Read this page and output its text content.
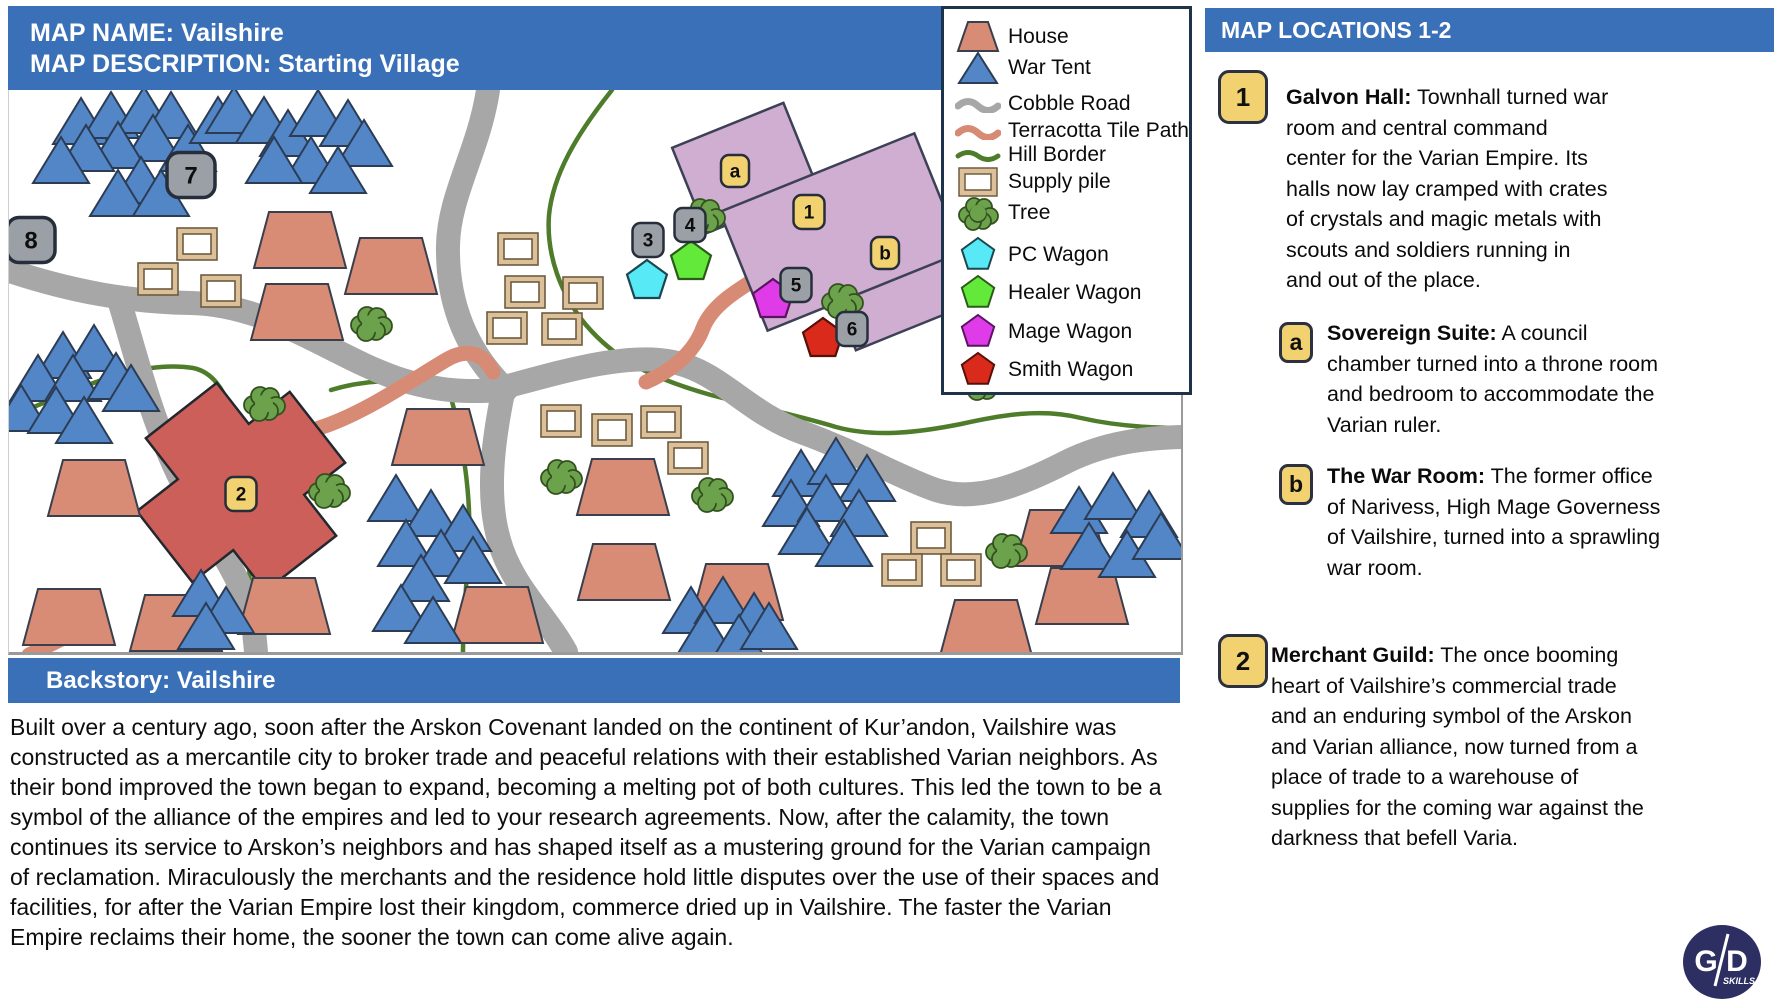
MAP NAME: Vailshire
MAP DESCRIPTION: Starting Village
1
2
3
4
5
6
7
8
a
b
House
War Tent
Cobble Road
Terracotta Tile Path
Hill Border
Supply pile
Tree
PC Wagon
Healer Wagon
Mage Wagon
Smith Wagon
Backstory: Vailshire
Built over a century ago, soon after the Arskon Covenant landed on the continent of Kur’andon, Vailshire was constructed as a mercantile city to broker trade and peaceful relations with their established Varian neighbors. As their bond improved the town began to expand, becoming a melting pot of both cultures. This led the town to be a symbol of the alliance of the empires and led to your research agreements. Now, after the calamity, the town continues its service to Arskon’s neighbors and has shaped itself as a mustering ground for the Varian campaign of reclamation. Miraculously the merchants and the residence hold little disputes over the use of their spaces and facilities, for after the Varian Empire lost their kingdom, commerce dried up in Vailshire. The faster the Varian Empire reclaims their home, the sooner the town can come alive again.
MAP LOCATIONS 1-2
1	Galvon Hall: Townhall turned war room and central command center for the Varian Empire. Its halls now lay cramped with crates of crystals and magic metals with scouts and soldiers running in and out of the place.
a	Sovereign Suite: A council chamber turned into a throne room and bedroom to accommodate the Varian ruler.
b	The War Room: The former office of Narivess, High Mage Governess of Vailshire, turned into a sprawling war room.
2 Merchant Guild: The once booming heart of Vailshire’s commercial trade and an enduring symbol of the Arskon and Varian alliance, now turned from a place of trade to a warehouse of supplies for the coming war against the darkness that befell Varia.
G D
SKILLS
